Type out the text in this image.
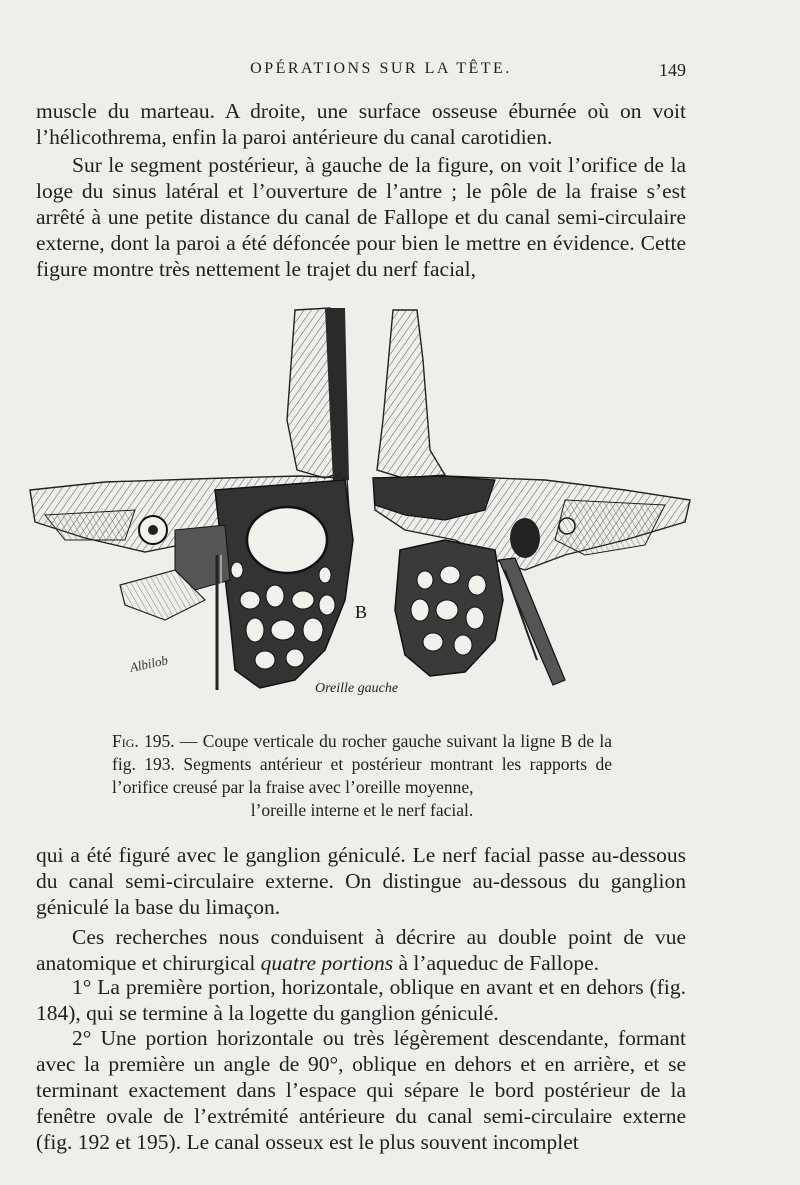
OPÉRATIONS SUR LA TÊTE.	149

muscle du marteau. A droite, une surface osseuse éburnée où on voit l’hélicothrema, enfin la paroi antérieure du canal carotidien.

Sur le segment postérieur, à gauche de la figure, on voit l’orifice de la loge du sinus latéral et l’ouverture de l’antre ; le pôle de la fraise s’est arrêté à une petite distance du canal de Fallope et du canal semi-circulaire externe, dont la paroi a été défoncée pour bien le mettre en évidence. Cette figure montre très nettement le trajet du nerf facial,

B
Oreille gauche
Albilob

Fig. 195. — Coupe verticale du rocher gauche suivant la ligne B de la fig. 193. Segments antérieur et postérieur montrant les rapports de l’orifice creusé par la fraise avec l’oreille moyenne,
l’oreille interne et le nerf facial.

qui a été figuré avec le ganglion géniculé. Le nerf facial passe au-dessous du canal semi-circulaire externe. On distingue au-dessous du ganglion géniculé la base du limaçon.

Ces recherches nous conduisent à décrire au double point de vue anatomique et chirurgical quatre portions à l’aqueduc de Fallope.

1° La première portion, horizontale, oblique en avant et en dehors (fig. 184), qui se termine à la logette du ganglion géniculé.

2° Une portion horizontale ou très légèrement descendante, formant avec la première un angle de 90°, oblique en dehors et en arrière, et se terminant exactement dans l’espace qui sépare le bord postérieur de la fenêtre ovale de l’extrémité antérieure du canal semi-circulaire externe (fig. 192 et 195). Le canal osseux est le plus souvent incomplet
